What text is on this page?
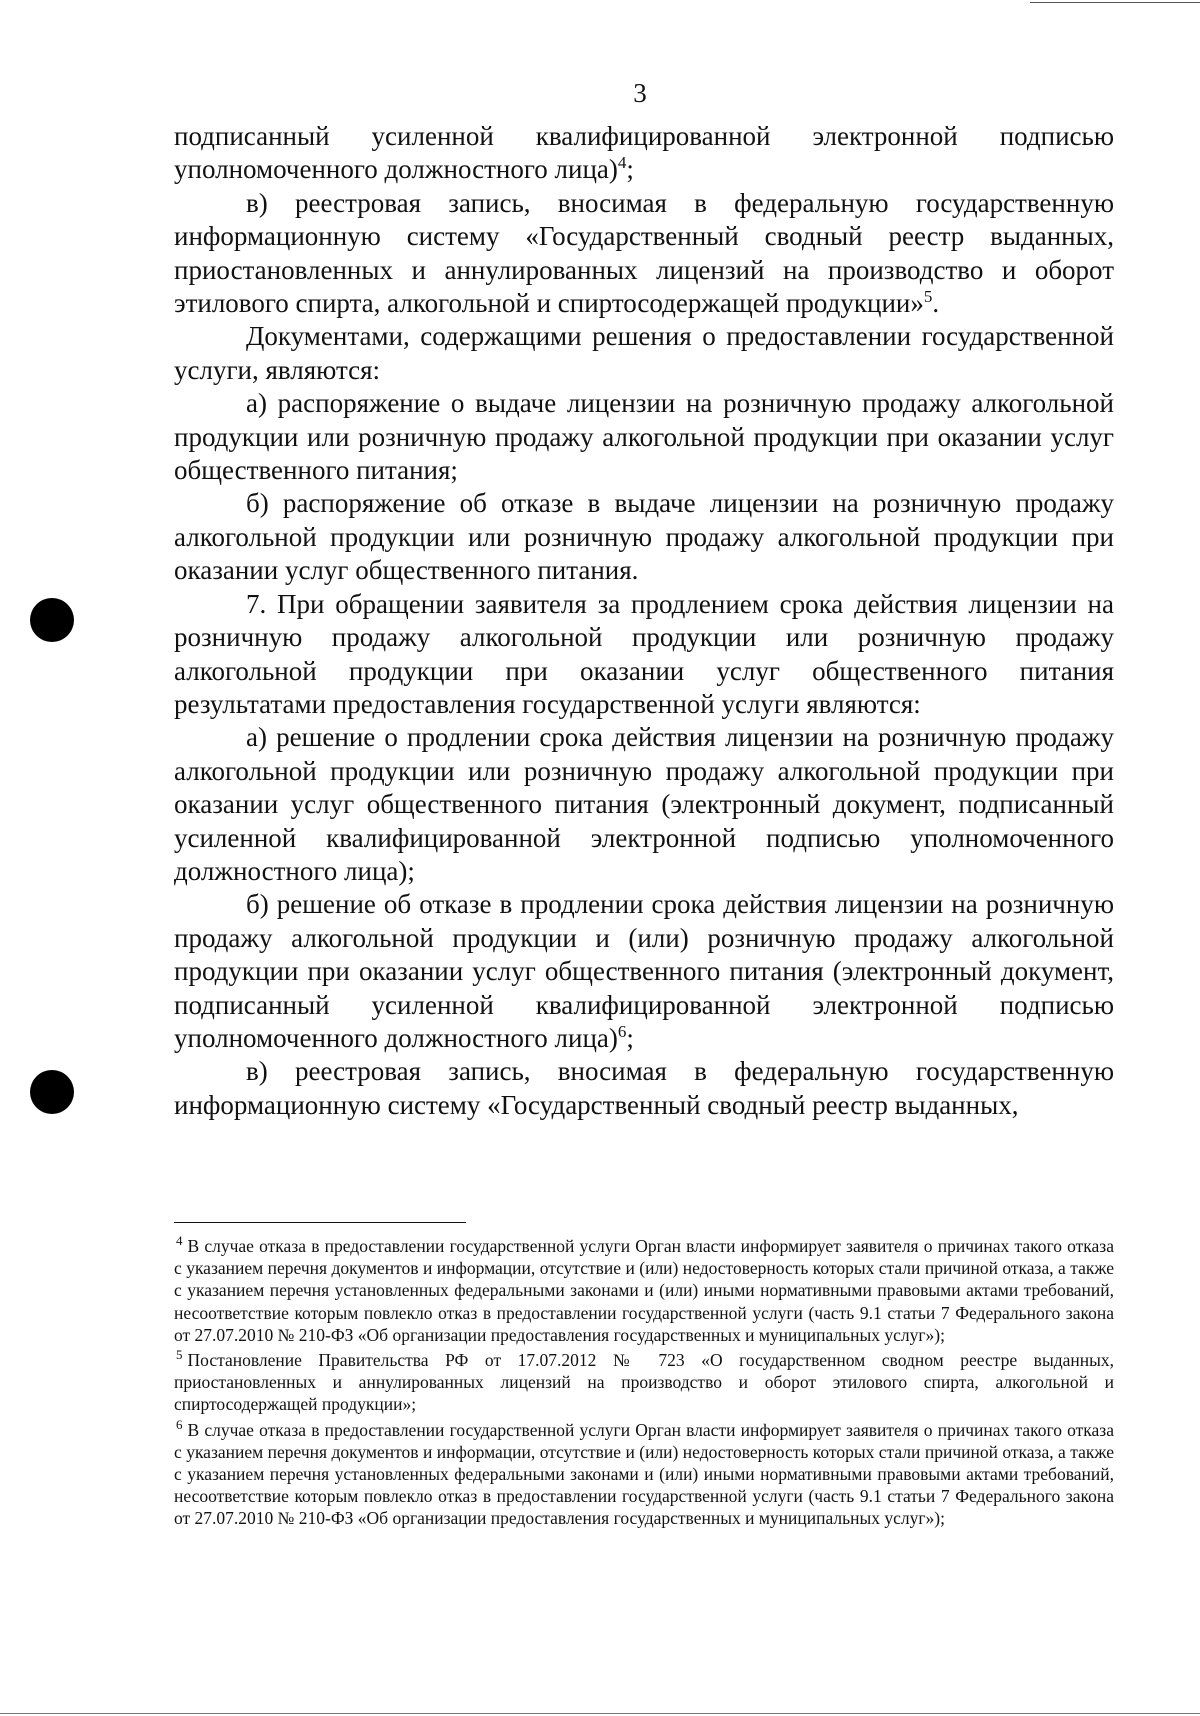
3

подписанный усиленной квалифицированной электронной подписью уполномоченного должностного лица)$^4$;

в) реестровая запись, вносимая в федеральную государственную информационную систему «Государственный сводный реестр выданных, приостановленных и аннулированных лицензий на производство и оборот этилового спирта, алкогольной и спиртосодержащей продукции»$^5$.

Документами, содержащими решения о предоставлении государственной услуги, являются:

а) распоряжение о выдаче лицензии на розничную продажу алкогольной продукции или розничную продажу алкогольной продукции при оказании услуг общественного питания;

б) распоряжение об отказе в выдаче лицензии на розничную продажу алкогольной продукции или розничную продажу алкогольной продукции при оказании услуг общественного питания.

7. При обращении заявителя за продлением срока действия лицензии на розничную продажу алкогольной продукции или розничную продажу алкогольной продукции при оказании услуг общественного питания результатами предоставления государственной услуги являются:

а) решение о продлении срока действия лицензии на розничную продажу алкогольной продукции или розничную продажу алкогольной продукции при оказании услуг общественного питания (электронный документ, подписанный усиленной квалифицированной электронной подписью уполномоченного должностного лица);

б) решение об отказе в продлении срока действия лицензии на розничную продажу алкогольной продукции и (или) розничную продажу алкогольной продукции при оказании услуг общественного питания (электронный документ, подписанный усиленной квалифицированной электронной подписью уполномоченного должностного лица)$^6$;

в) реестровая запись, вносимая в федеральную государственную информационную систему «Государственный сводный реестр выданных,

$^4$ В случае отказа в предоставлении государственной услуги Орган власти информирует заявителя о причинах такого отказа с указанием перечня документов и информации, отсутствие и (или) недостоверность которых стали причиной отказа, а также с указанием перечня установленных федеральными законами и (или) иными нормативными правовыми актами требований, несоответствие которым повлекло отказ в предоставлении государственной услуги (часть 9.1 статьи 7 Федерального закона от 27.07.2010 № 210-ФЗ «Об организации предоставления государственных и муниципальных услуг»);

$^5$ Постановление Правительства РФ от 17.07.2012 № 723 «О государственном сводном реестре выданных, приостановленных и аннулированных лицензий на производство и оборот этилового спирта, алкогольной и спиртосодержащей продукции»;

$^6$ В случае отказа в предоставлении государственной услуги Орган власти информирует заявителя о причинах такого отказа с указанием перечня документов и информации, отсутствие и (или) недостоверность которых стали причиной отказа, а также с указанием перечня установленных федеральными законами и (или) иными нормативными правовыми актами требований, несоответствие которым повлекло отказ в предоставлении государственной услуги (часть 9.1 статьи 7 Федерального закона от 27.07.2010 № 210-ФЗ «Об организации предоставления государственных и муниципальных услуг»);
